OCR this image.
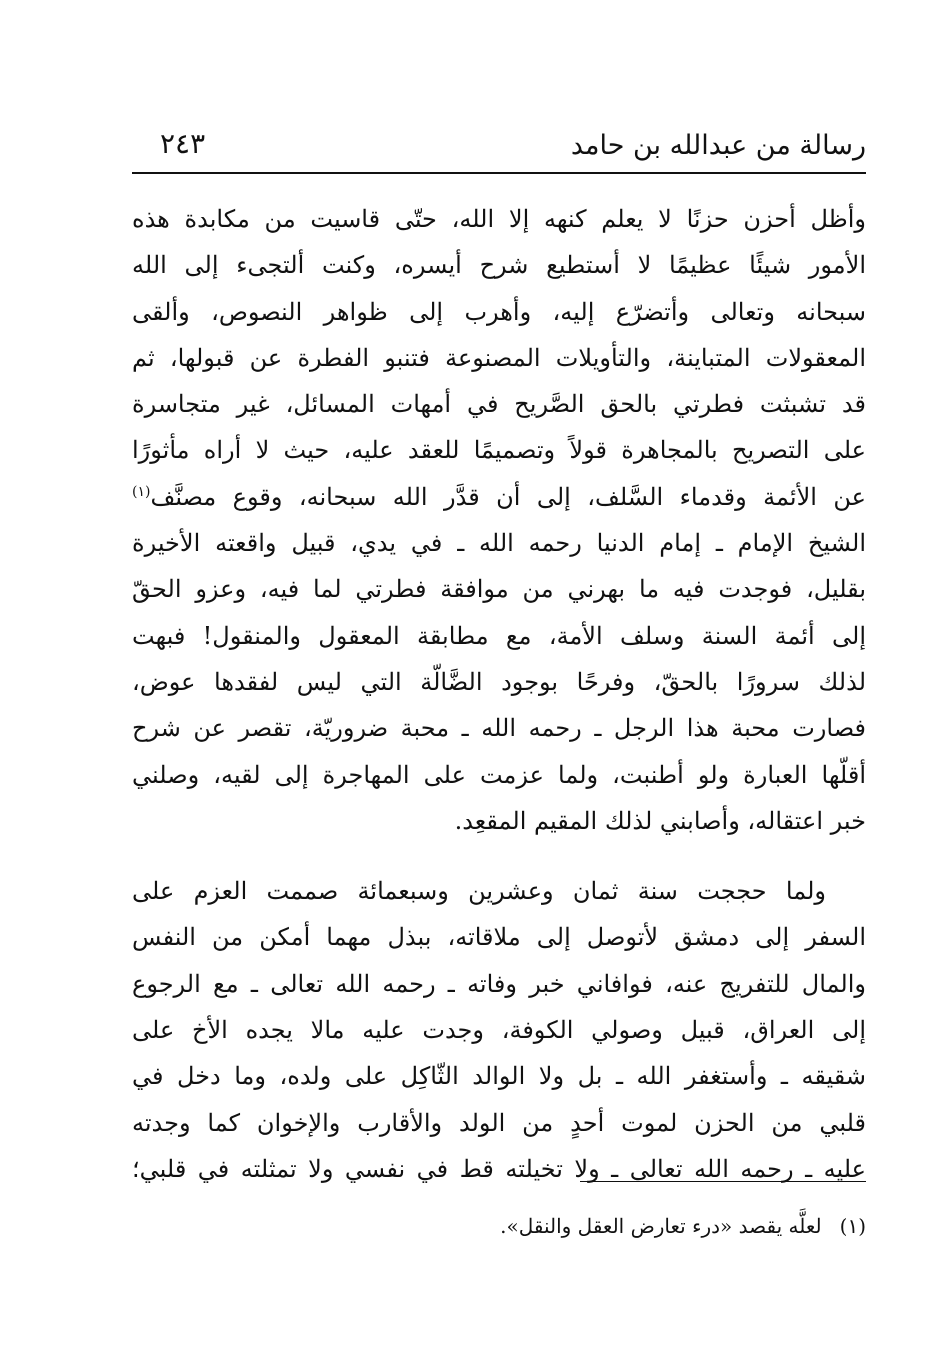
رسالة من عبدالله بن حامد
٢٤٣
وأظل أحزن حزنًا لا يعلم كنهه إلا الله، حتّى قاسيت من مكابدة هذه
الأمور شيئًا عظيمًا لا أستطيع شرح أيسره، وكنت ألتجىء إلى الله
سبحانه وتعالى وأتضرّع إليه، وأهرب إلى ظواهر النصوص، وألقى
المعقولات المتباينة، والتأويلات المصنوعة فتنبو الفطرة عن قبولها، ثم
قد تشبثت فطرتي بالحق الصَّريح في أمهات المسائل، غير متجاسرة
على التصريح بالمجاهرة قولاً وتصميمًا للعقد عليه، حيث لا أراه مأثورًا
عن الأئمة وقدماء السَّلف، إلى أن قدَّر الله سبحانه، وقوع مصنَّف$^{(١)}$
الشيخ الإمام ـ إمام الدنيا رحمه الله ـ في يدي، قبيل واقعته الأخيرة
بقليل، فوجدت فيه ما بهرني من موافقة فطرتي لما فيه، وعزو الحقّ
إلى أئمة السنة وسلف الأمة، مع مطابقة المعقول والمنقول! فبهت
لذلك سرورًا بالحقّ، وفرحًا بوجود الضَّالّة التي ليس لفقدها عوض،
فصارت محبة هذا الرجل ـ رحمه الله ـ محبة ضروريّة، تقصر عن شرح
أقلّها العبارة ولو أطنبت، ولما عزمت على المهاجرة إلى لقيه، وصلني
خبر اعتقاله، وأصابني لذلك المقيم المقعِد.
ولما حججت سنة ثمان وعشرين وسبعمائة صممت العزم على
السفر إلى دمشق لأتوصل إلى ملاقاته، ببذل مهما أمكن من النفس
والمال للتفريج عنه، فوافاني خبر وفاته ـ رحمه الله تعالى ـ مع الرجوع
إلى العراق، قبيل وصولي الكوفة، وجدت عليه مالا يجده الأخ على
شقيقه ـ وأستغفر الله ـ بل ولا الوالد الثّاكِل على ولده، وما دخل في
قلبي من الحزن لموت أحدٍ من الولد والأقارب والإخوان كما وجدته
عليه ـ رحمه الله تعالى ـ ولا تخيلته قط في نفسي ولا تمثلته في قلبي؛
(١)لعلَّه يقصد «درء تعارض العقل والنقل».
